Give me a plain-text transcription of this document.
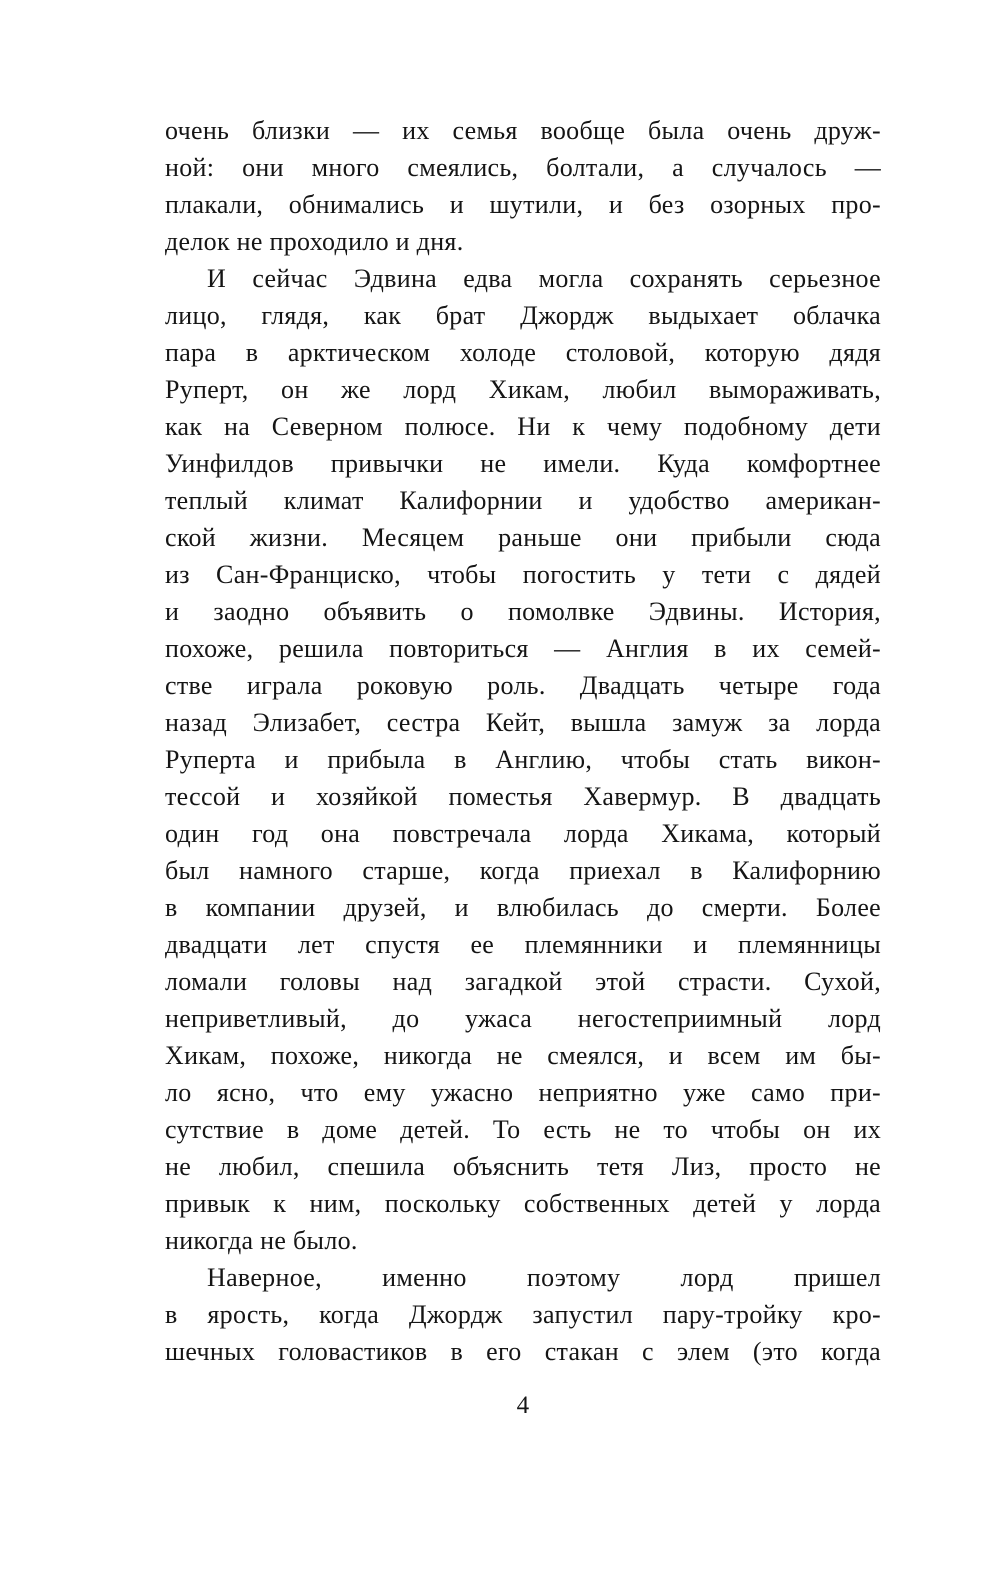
очень близки — их семья вообще была очень друж-
ной: они много смеялись, болтали, а случалось —
плакали, обнимались и шутили, и без озорных про-
делок не проходило и дня.
И сейчас Эдвина едва могла сохранять серьезное
лицо, глядя, как брат Джордж выдыхает облачка
пара в арктическом холоде столовой, которую дядя
Руперт, он же лорд Хикам, любил вымораживать,
как на Северном полюсе. Ни к чему подобному дети
Уинфилдов привычки не имели. Куда комфортнее
теплый климат Калифорнии и удобство американ-
ской жизни. Месяцем раньше они прибыли сюда
из Сан-Франциско, чтобы погостить у тети с дядей
и заодно объявить о помолвке Эдвины. История,
похоже, решила повториться — Англия в их семей-
стве играла роковую роль. Двадцать четыре года
назад Элизабет, сестра Кейт, вышла замуж за лорда
Руперта и прибыла в Англию, чтобы стать викон-
тессой и хозяйкой поместья Хавермур. В двадцать
один год она повстречала лорда Хикама, который
был намного старше, когда приехал в Калифорнию
в компании друзей, и влюбилась до смерти. Более
двадцати лет спустя ее племянники и племянницы
ломали головы над загадкой этой страсти. Сухой,
неприветливый, до ужаса негостеприимный лорд
Хикам, похоже, никогда не смеялся, и всем им бы-
ло ясно, что ему ужасно неприятно уже само при-
сутствие в доме детей. То есть не то чтобы он их
не любил, спешила объяснить тетя Лиз, просто не
привык к ним, поскольку собственных детей у лорда
никогда не было.
Наверное, именно поэтому лорд пришел
в ярость, когда Джордж запустил пару-тройку кро-
шечных головастиков в его стакан с элем (это когда
4
